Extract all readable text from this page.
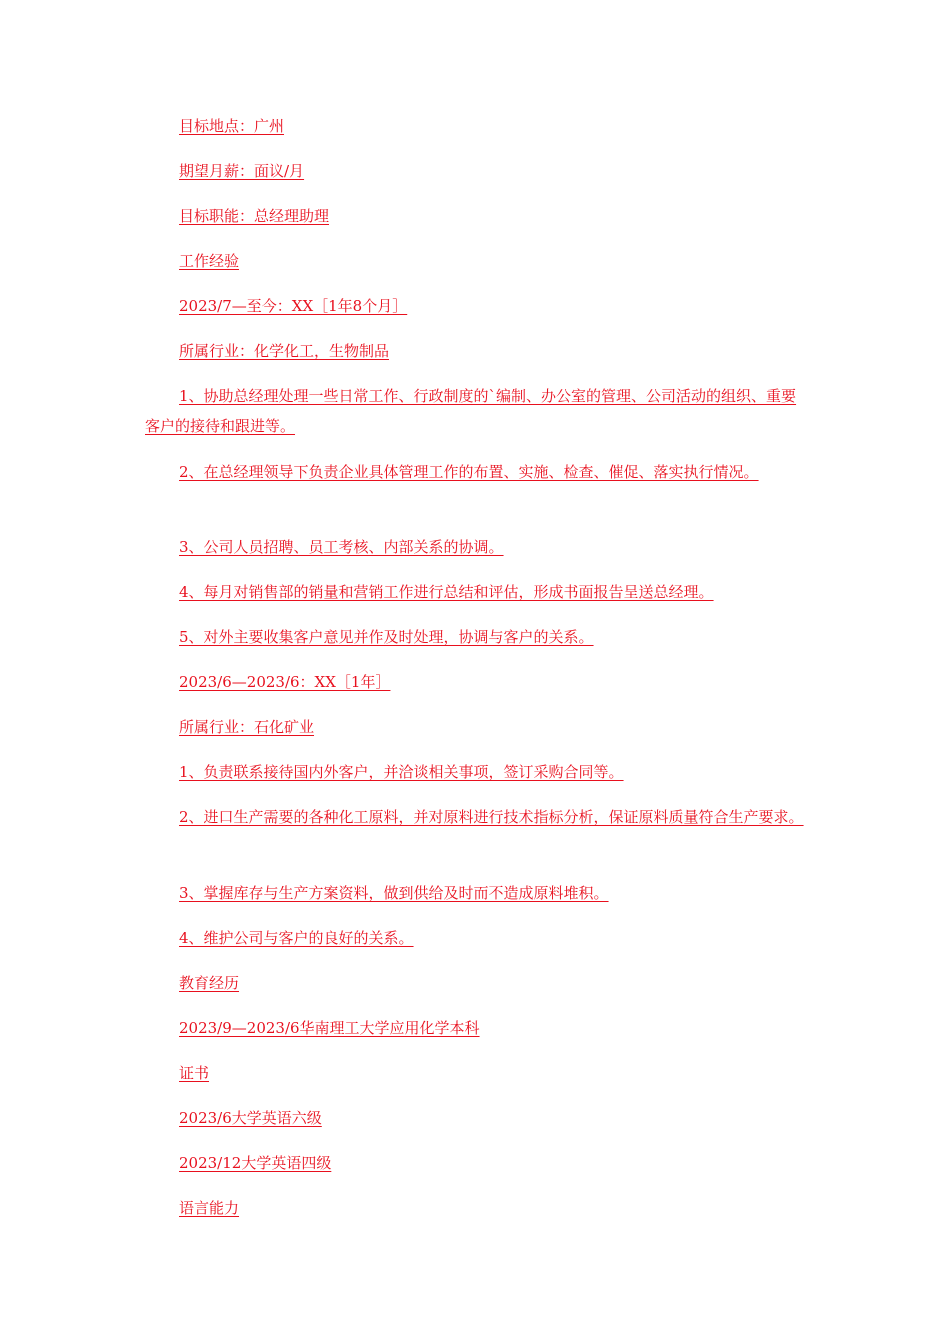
目标地点：广州

期望月薪：面议/月

目标职能：总经理助理

工作经验

2023/7—至今：XX［1年8个月］

所属行业：化学化工，生物制品

1、协助总经理处理一些日常工作、行政制度的`编制、办公室的管理、公司活动的组织、重要客户的接待和跟进等。

2、在总经理领导下负责企业具体管理工作的布置、实施、检查、催促、落实执行情况。

3、公司人员招聘、员工考核、内部关系的协调。

4、每月对销售部的销量和营销工作进行总结和评估，形成书面报告呈送总经理。

5、对外主要收集客户意见并作及时处理，协调与客户的关系。

2023/6—2023/6：XX［1年］

所属行业：石化矿业

1、负责联系接待国内外客户，并洽谈相关事项，签订采购合同等。

2、进口生产需要的各种化工原料，并对原料进行技术指标分析，保证原料质量符合生产要求。

3、掌握库存与生产方案资料，做到供给及时而不造成原料堆积。

4、维护公司与客户的良好的关系。

教育经历

2023/9—2023/6华南理工大学应用化学本科

证书

2023/6大学英语六级

2023/12大学英语四级

语言能力
